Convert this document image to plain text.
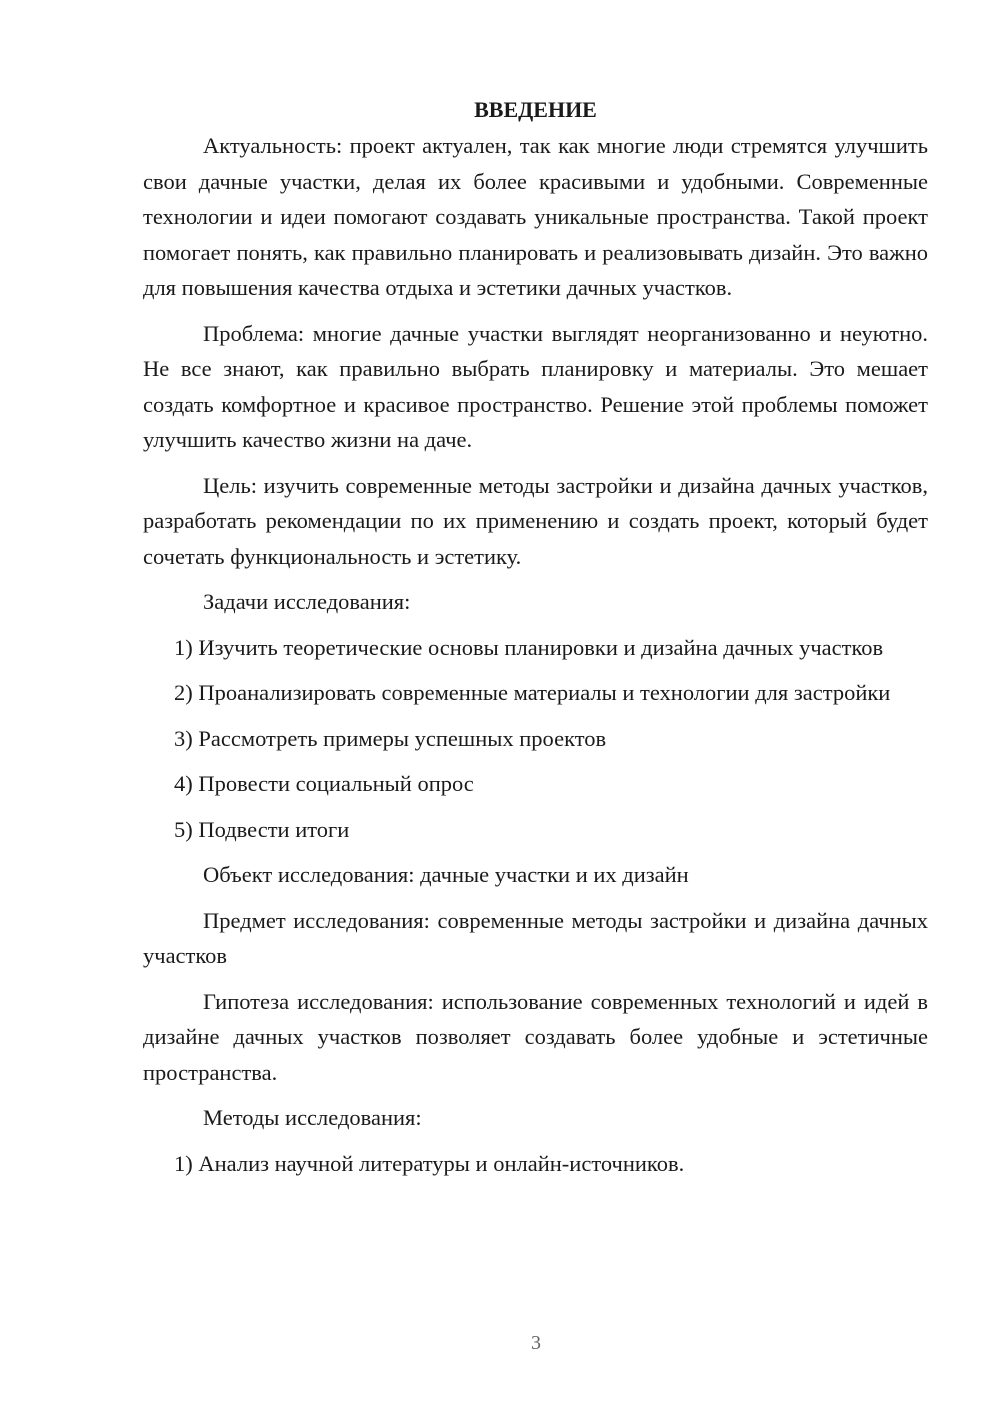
ВВЕДЕНИЕ

Актуальность: проект актуален, так как многие люди стремятся улучшить свои дачные участки, делая их более красивыми и удобными. Современные технологии и идеи помогают создавать уникальные пространства. Такой проект помогает понять, как правильно планировать и реализовывать дизайн. Это важно для повышения качества отдыха и эстетики дачных участков.

Проблема: многие дачные участки выглядят неорганизованно и неуютно. Не все знают, как правильно выбрать планировку и материалы. Это мешает создать комфортное и красивое пространство. Решение этой проблемы поможет улучшить качество жизни на даче.

Цель: изучить современные методы застройки и дизайна дачных участков, разработать рекомендации по их применению и создать проект, который будет сочетать функциональность и эстетику.

Задачи исследования:

1) Изучить теоретические основы планировки и дизайна дачных участков

2) Проанализировать современные материалы и технологии для застройки

3) Рассмотреть примеры успешных проектов

4) Провести социальный опрос

5) Подвести итоги

Объект исследования: дачные участки и их дизайн

Предмет исследования: современные методы застройки и дизайна дачных участков

Гипотеза исследования: использование современных технологий и идей в дизайне дачных участков позволяет создавать более удобные и эстетичные пространства.

Методы исследования:

1) Анализ научной литературы и онлайн-источников.

3
